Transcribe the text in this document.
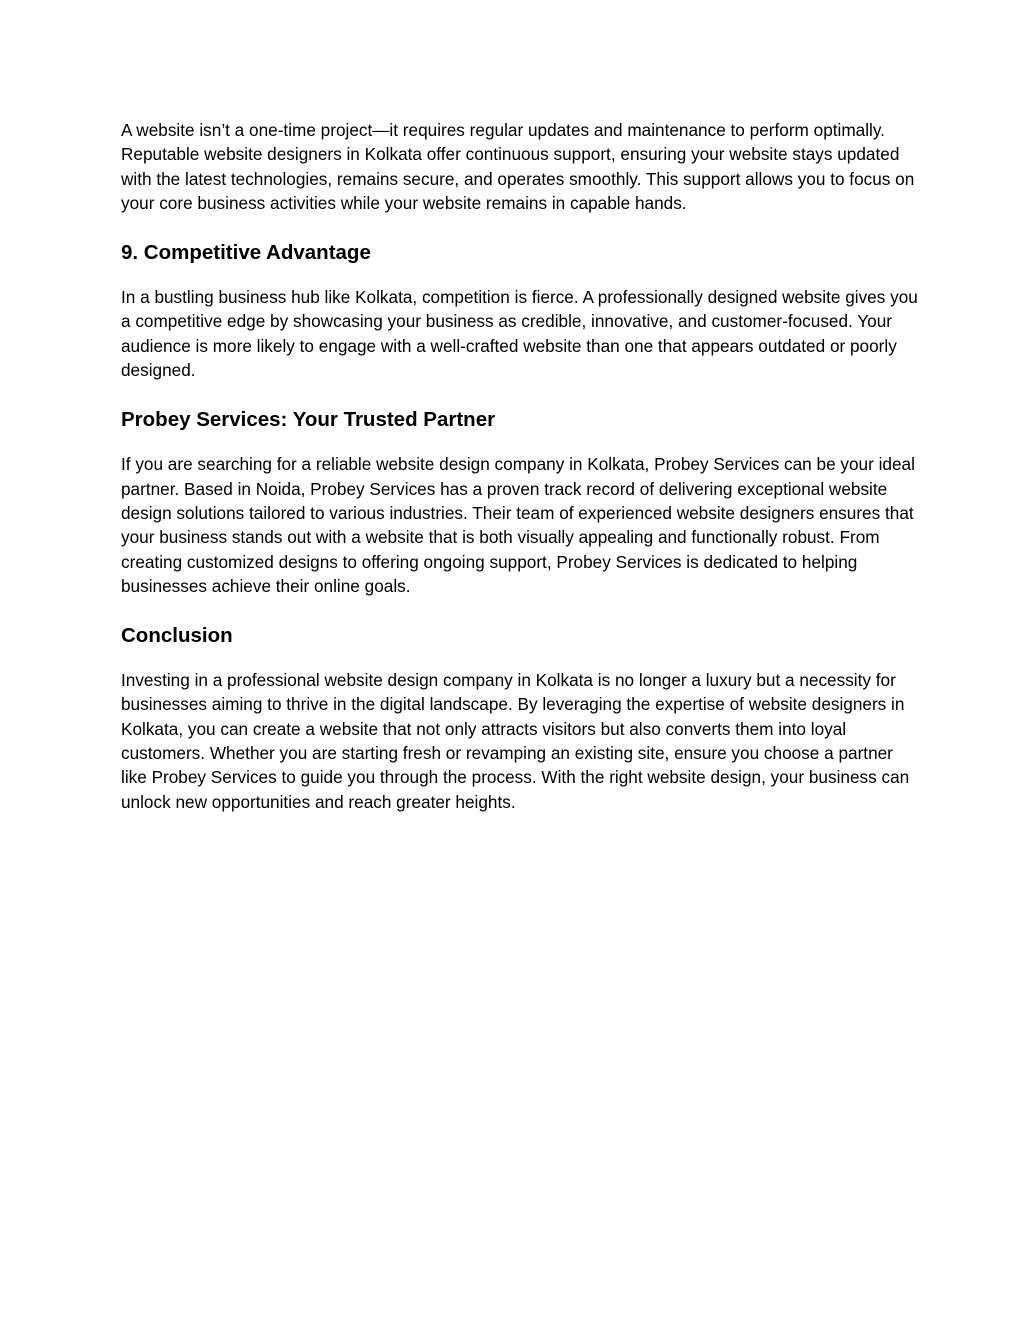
A website isn’t a one-time project—it requires regular updates and maintenance to perform optimally. Reputable website designers in Kolkata offer continuous support, ensuring your website stays updated with the latest technologies, remains secure, and operates smoothly. This support allows you to focus on your core business activities while your website remains in capable hands.

9. Competitive Advantage

In a bustling business hub like Kolkata, competition is fierce. A professionally designed website gives you a competitive edge by showcasing your business as credible, innovative, and customer-focused. Your audience is more likely to engage with a well-crafted website than one that appears outdated or poorly designed.

Probey Services: Your Trusted Partner

If you are searching for a reliable website design company in Kolkata, Probey Services can be your ideal partner. Based in Noida, Probey Services has a proven track record of delivering exceptional website design solutions tailored to various industries. Their team of experienced website designers ensures that your business stands out with a website that is both visually appealing and functionally robust. From creating customized designs to offering ongoing support, Probey Services is dedicated to helping businesses achieve their online goals.

Conclusion

Investing in a professional website design company in Kolkata is no longer a luxury but a necessity for businesses aiming to thrive in the digital landscape. By leveraging the expertise of website designers in Kolkata, you can create a website that not only attracts visitors but also converts them into loyal customers. Whether you are starting fresh or revamping an existing site, ensure you choose a partner like Probey Services to guide you through the process. With the right website design, your business can unlock new opportunities and reach greater heights.
